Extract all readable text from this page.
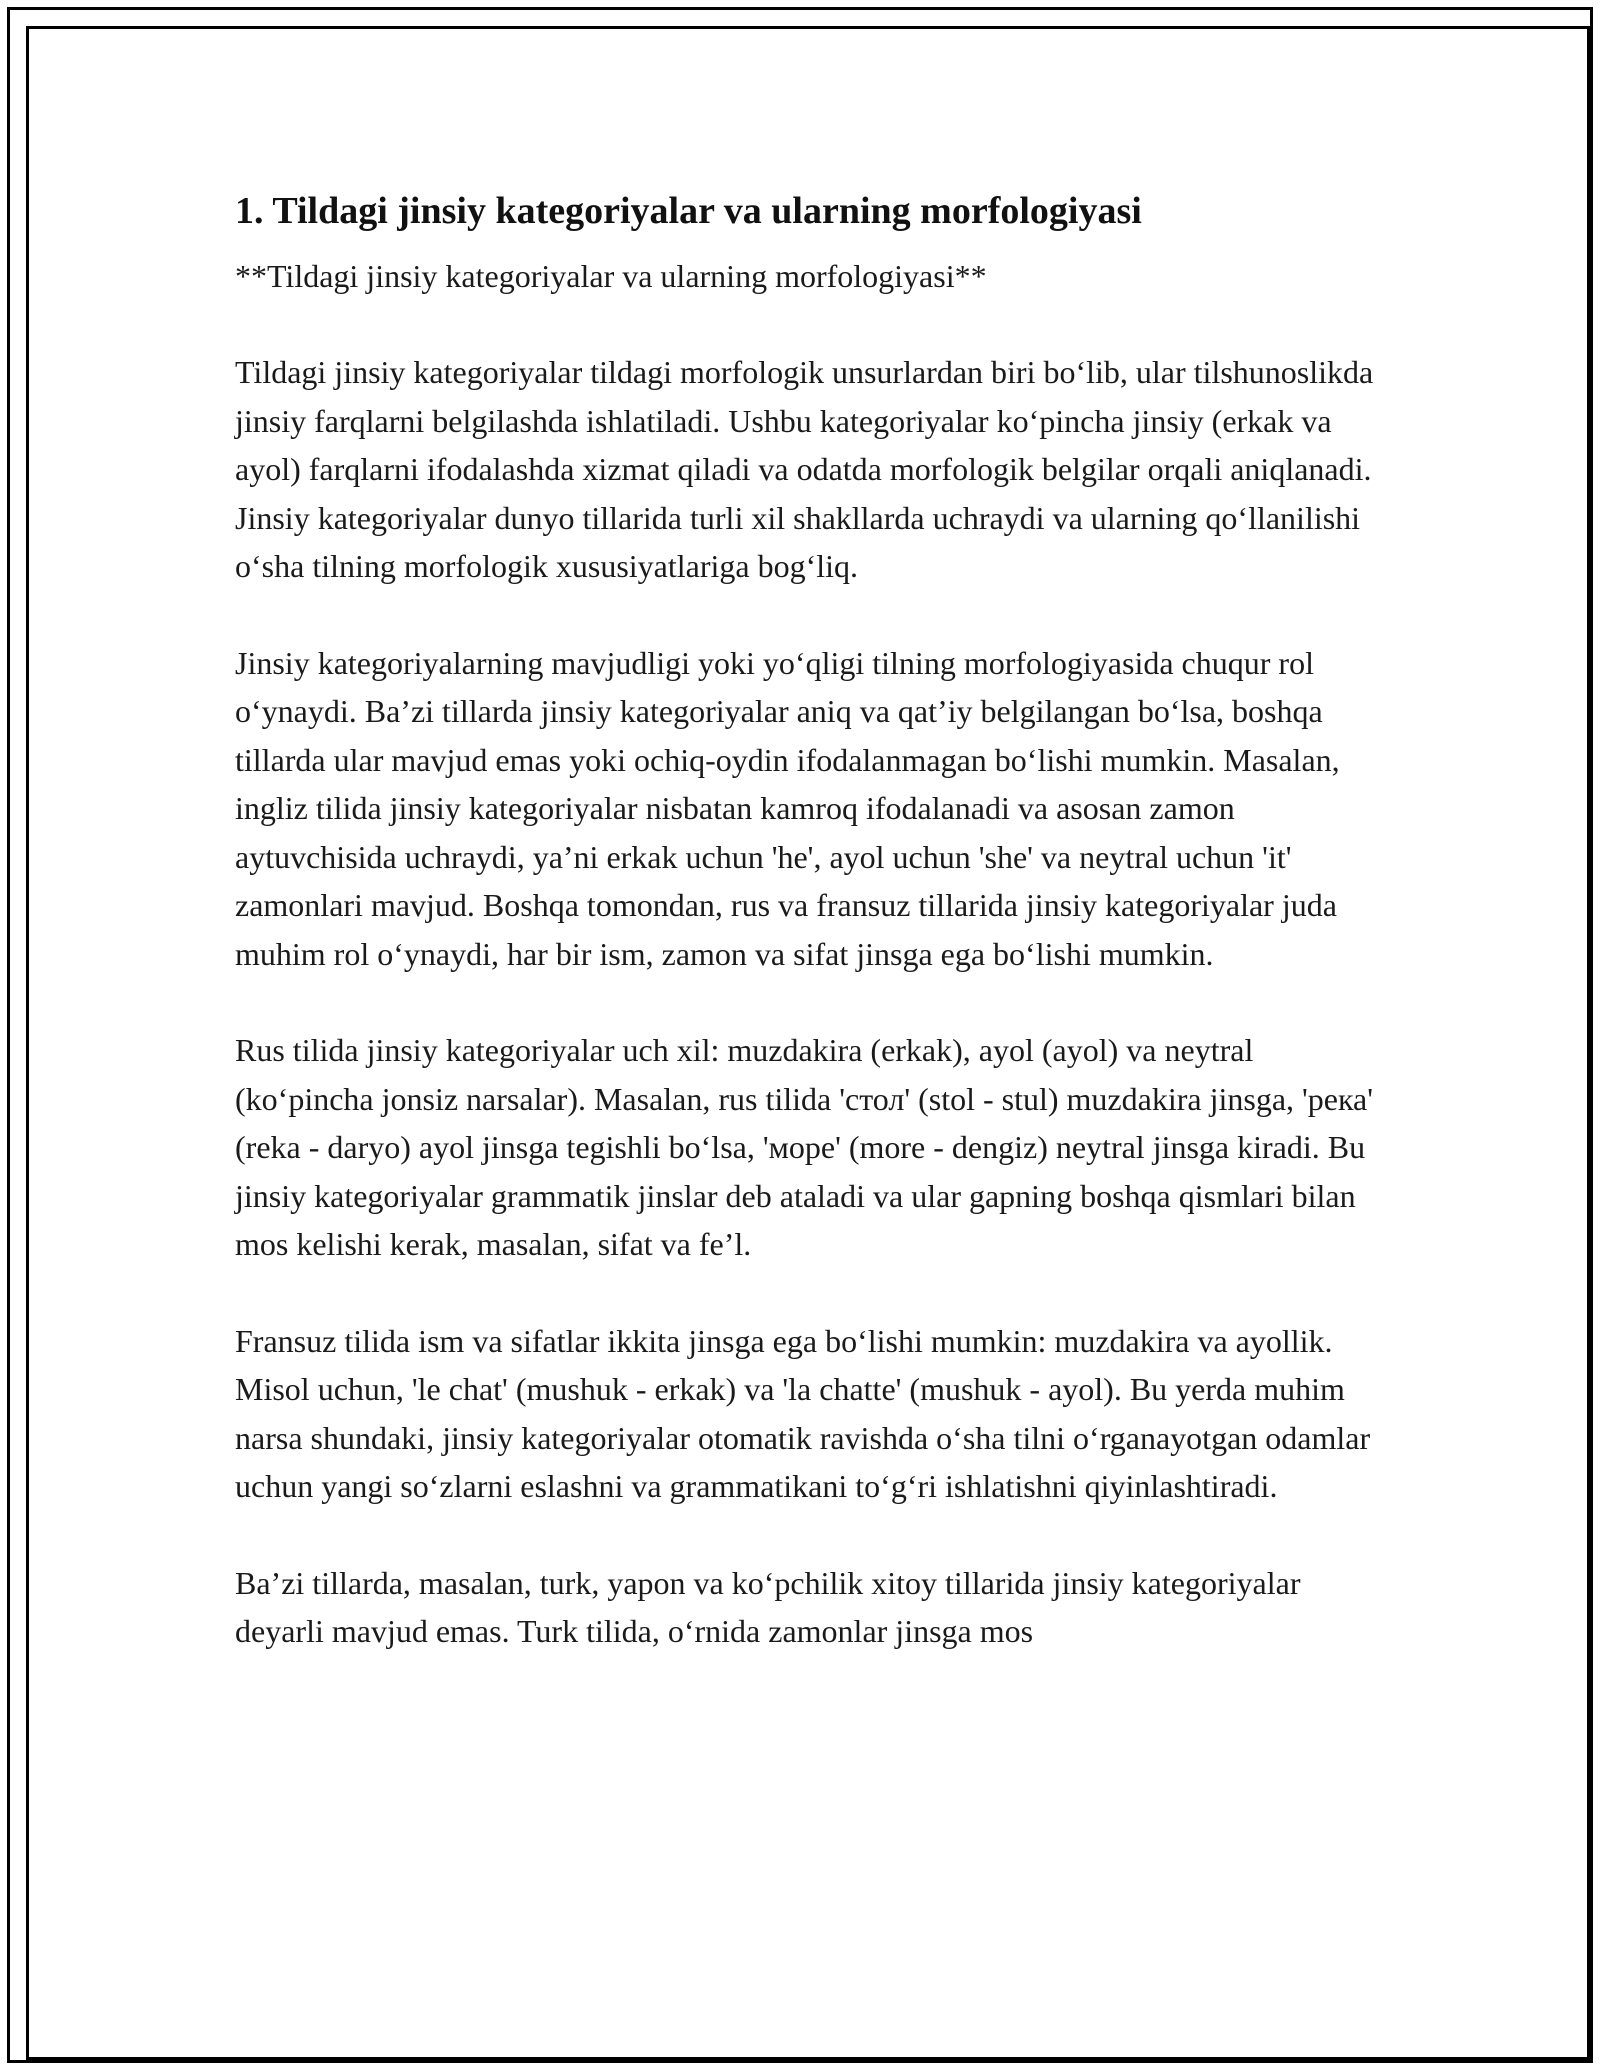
1. Tildagi jinsiy kategoriyalar va ularning morfologiyasi

**Tildagi jinsiy kategoriyalar va ularning morfologiyasi**

Tildagi jinsiy kategoriyalar tildagi morfologik unsurlardan biri bo‘lib, ular tilshunoslikda jinsiy farqlarni belgilashda ishlatiladi. Ushbu kategoriyalar ko‘pincha jinsiy (erkak va ayol) farqlarni ifodalashda xizmat qiladi va odatda morfologik belgilar orqali aniqlanadi. Jinsiy kategoriyalar dunyo tillarida turli xil shakllarda uchraydi va ularning qo‘llanilishi o‘sha tilning morfologik xususiyatlariga bog‘liq.

Jinsiy kategoriyalarning mavjudligi yoki yo‘qligi tilning morfologiyasida chuqur rol o‘ynaydi. Ba’zi tillarda jinsiy kategoriyalar aniq va qat’iy belgilangan bo‘lsa, boshqa tillarda ular mavjud emas yoki ochiq-oydin ifodalanmagan bo‘lishi mumkin. Masalan, ingliz tilida jinsiy kategoriyalar nisbatan kamroq ifodalanadi va asosan zamon aytuvchisida uchraydi, ya’ni erkak uchun 'he', ayol uchun 'she' va neytral uchun 'it' zamonlari mavjud. Boshqa tomondan, rus va fransuz tillarida jinsiy kategoriyalar juda muhim rol o‘ynaydi, har bir ism, zamon va sifat jinsga ega bo‘lishi mumkin.

Rus tilida jinsiy kategoriyalar uch xil: muzdakira (erkak), ayol (ayol) va neytral (ko‘pincha jonsiz narsalar). Masalan, rus tilida 'стол' (stol - stul) muzdakira jinsga, 'река' (reka - daryo) ayol jinsga tegishli bo‘lsa, 'море' (more - dengiz) neytral jinsga kiradi. Bu jinsiy kategoriyalar grammatik jinslar deb ataladi va ular gapning boshqa qismlari bilan mos kelishi kerak, masalan, sifat va fe’l.

Fransuz tilida ism va sifatlar ikkita jinsga ega bo‘lishi mumkin: muzdakira va ayollik. Misol uchun, 'le chat' (mushuk - erkak) va 'la chatte' (mushuk - ayol). Bu yerda muhim narsa shundaki, jinsiy kategoriyalar otomatik ravishda o‘sha tilni o‘rganayotgan odamlar uchun yangi so‘zlarni eslashni va grammatikani to‘g‘ri ishlatishni qiyinlashtiradi.

Ba’zi tillarda, masalan, turk, yapon va ko‘pchilik xitoy tillarida jinsiy kategoriyalar deyarli mavjud emas. Turk tilida, o‘rnida zamonlar jinsga mos
